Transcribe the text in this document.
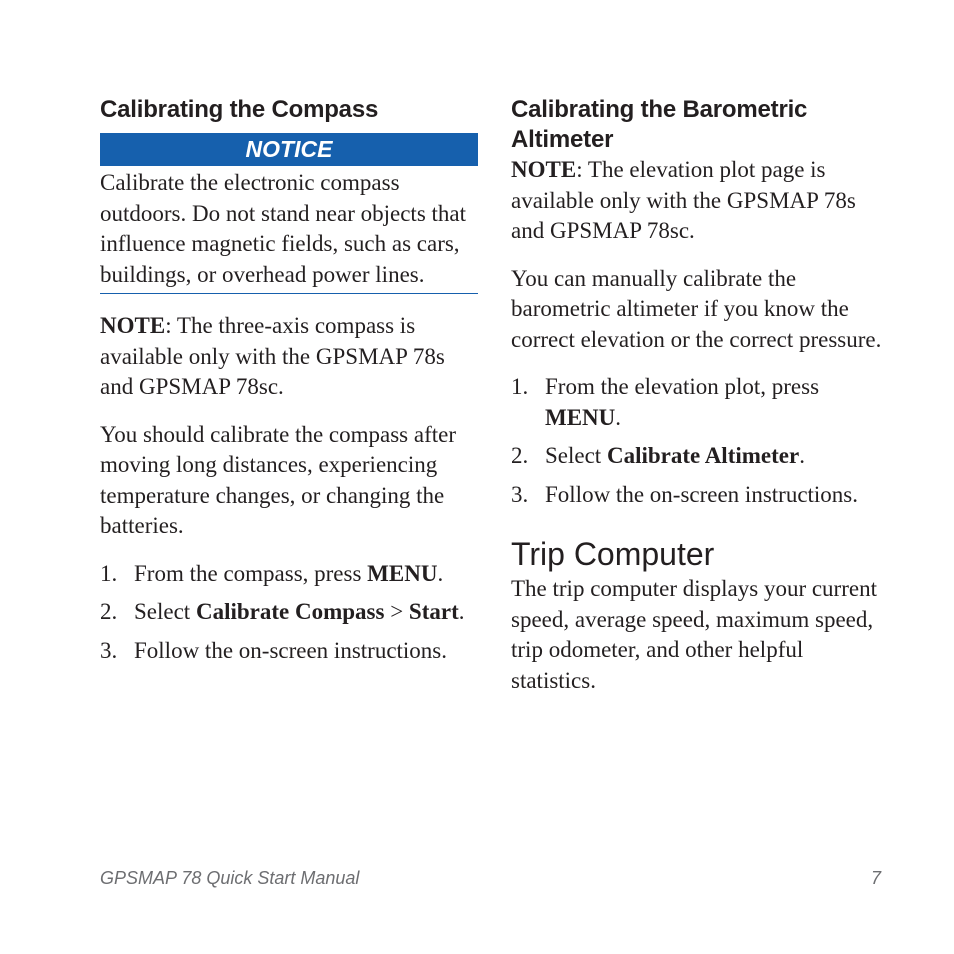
Calibrating the Compass
NOTICE
Calibrate the electronic compass outdoors. Do not stand near objects that influence magnetic fields, such as cars, buildings, or overhead power lines.

NOTE: The three-axis compass is available only with the GPSMAP 78s and GPSMAP 78sc.

You should calibrate the compass after moving long distances, experiencing temperature changes, or changing the batteries.

1. From the compass, press MENU.
2. Select Calibrate Compass > Start.
3. Follow the on-screen instructions.
Calibrating the Barometric Altimeter

NOTE: The elevation plot page is available only with the GPSMAP 78s and GPSMAP 78sc.

You can manually calibrate the barometric altimeter if you know the correct elevation or the correct pressure.

1. From the elevation plot, press MENU.
2. Select Calibrate Altimeter.
3. Follow the on-screen instructions.
Trip Computer

The trip computer displays your current speed, average speed, maximum speed, trip odometer, and other helpful statistics.

GPSMAP 78 Quick Start Manual	7
